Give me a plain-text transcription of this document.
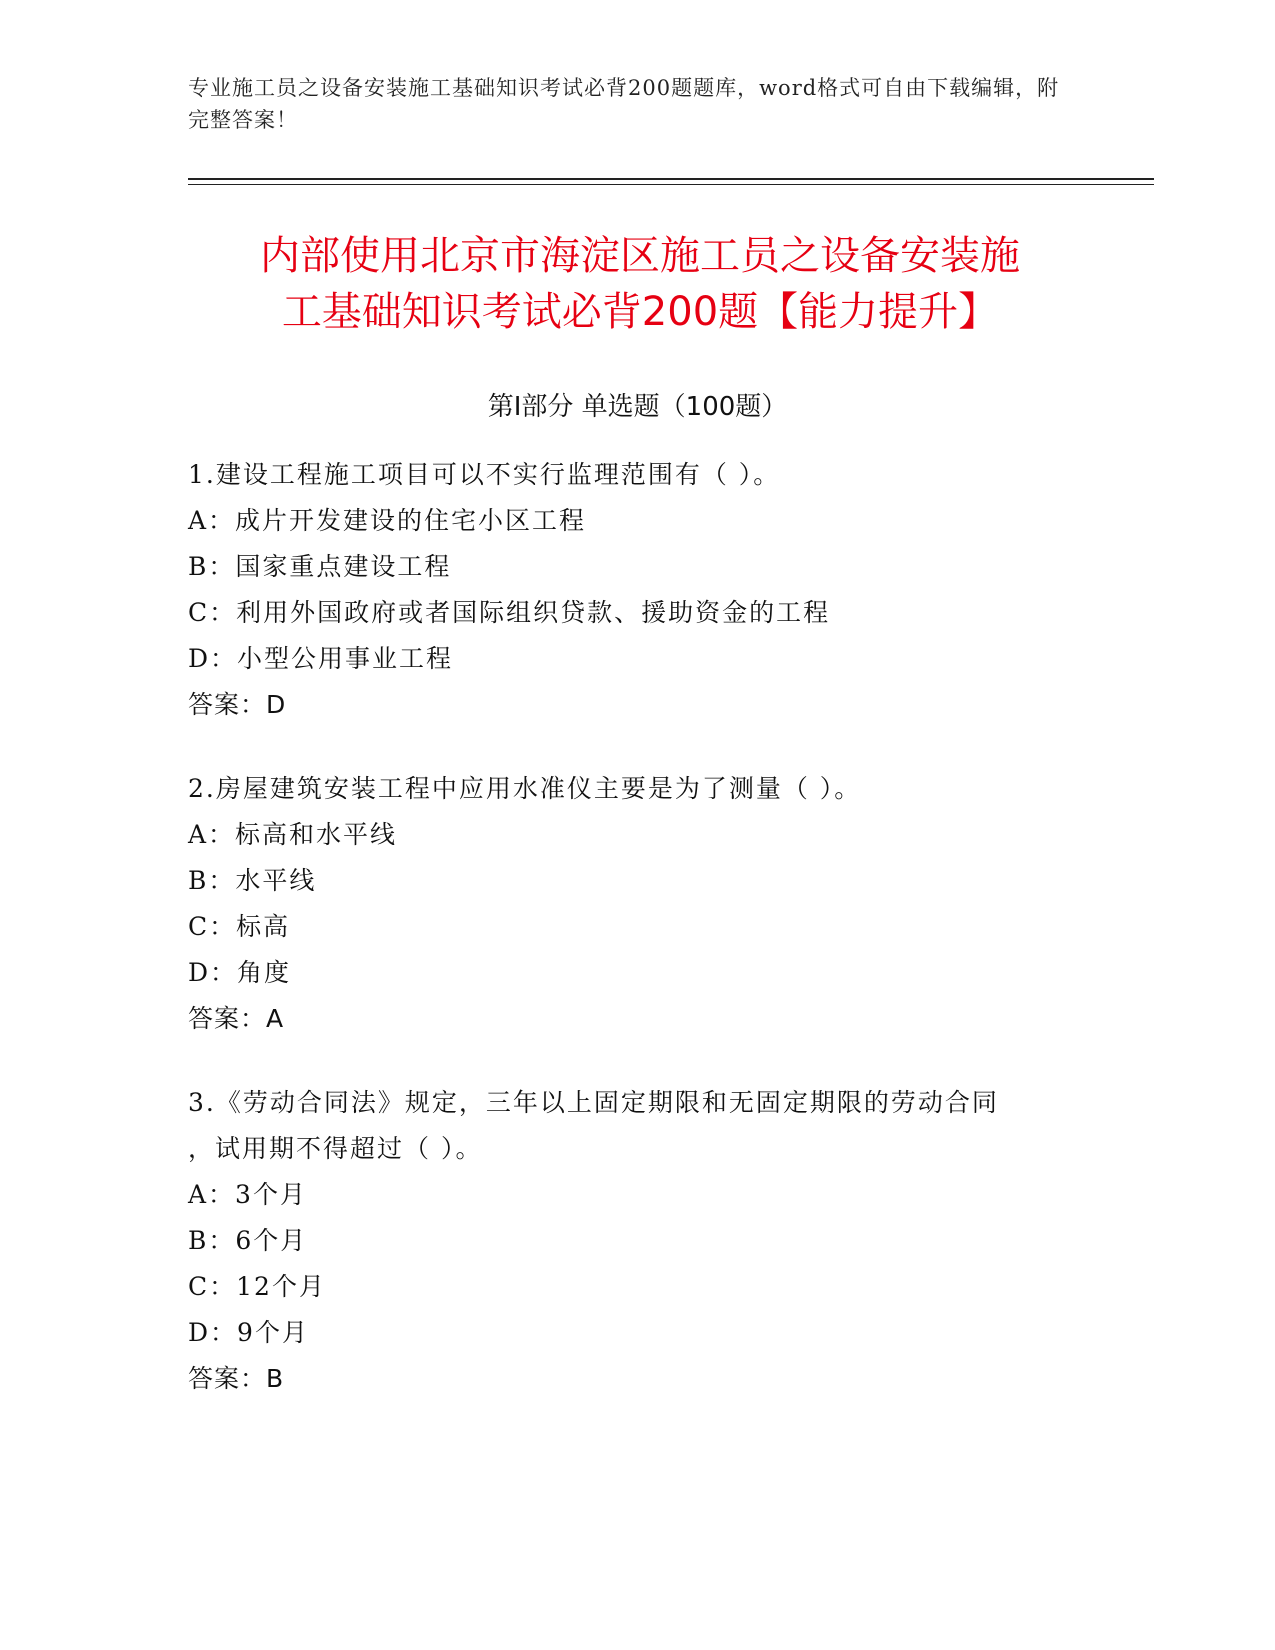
专业施工员之设备安装施工基础知识考试必背200题题库，word格式可自由下载编辑，附完整答案！
内部使用北京市海淀区施工员之设备安装施
工基础知识考试必背200题【能力提升】
第I部分 单选题（100题）
1.建设工程施工项目可以不实行监理范围有（ ）。
A：成片开发建设的住宅小区工程
B：国家重点建设工程
C：利用外国政府或者国际组织贷款、援助资金的工程
D：小型公用事业工程
答案：D
2.房屋建筑安装工程中应用水准仪主要是为了测量（ ）。
A：标高和水平线
B：水平线
C：标高
D：角度
答案：A
3.《劳动合同法》规定，三年以上固定期限和无固定期限的劳动合同
，试用期不得超过（ ）。
A：3个月
B：6个月
C：12个月
D：9个月
答案：B
